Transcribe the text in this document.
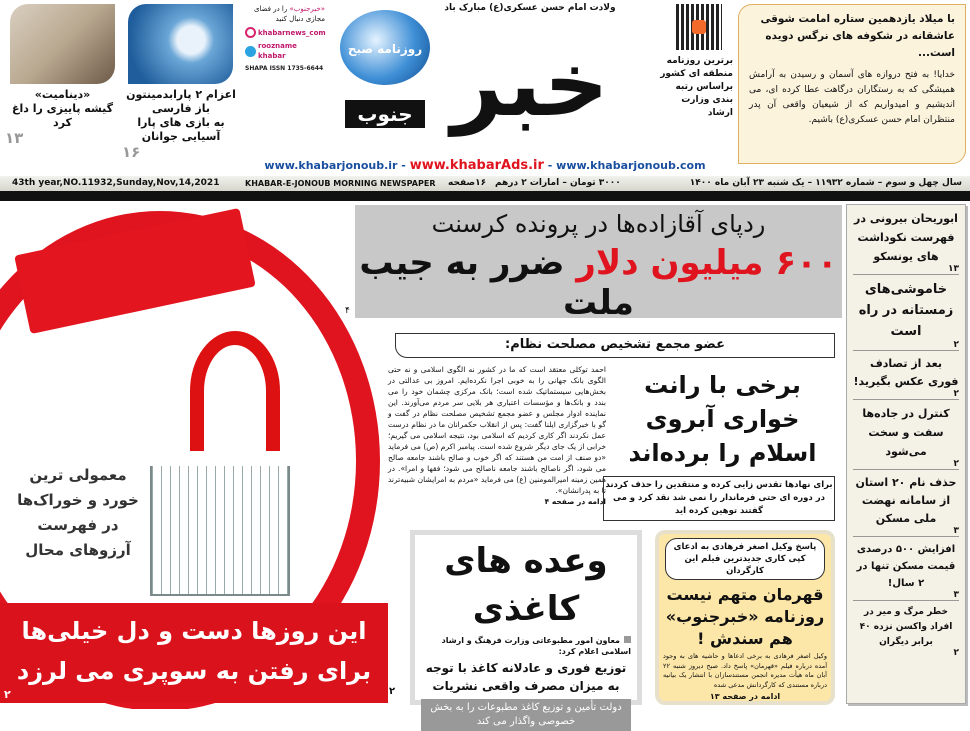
«دینامیت»
گیشه پاییزی را داغ کرد
۱۳
اعزام ۲ پارابدمینتون باز فارسی
به بازی های پارا آسیایی جوانان
۱۶
«خبرجنوب» را در فضای مجازی دنبال کنید
khabarnews_com
roozname khabar
SHAPA ISSN 1735-6644
ولادت امام حسن عسکری(ع) مبارک باد
روزنامه صبح خبر
جنوب
برترین روزنامه منطقه ای کشور براساس رتبه بندی وزارت ارشاد
با میلاد یازدهمین ستاره امامت شوقی عاشقانه در شکوفه های نرگس دویده است...
خدایا! به فتح دروازه های آسمان و رسیدن به آرامش همیشگی که به رستگاران درگاهت عطا کرده ای، می اندیشیم و امیدواریم که از شیعیان واقعی آن پدر منتظران امام حسن عسکری(ع) باشیم.
www.khabarjonoub.ir - www.khabarAds.ir - www.khabarjonoub.com
43th year,NO.11932,Sunday,Nov,14,2021	KHABAR-E-JONOUB MORNING NEWSPAPER ۱۶صفحه ۳۰۰۰ تومان – امارات ۲ درهم	سال چهل و سوم – شماره ۱۱۹۳۲ – یک شنبه ۲۳ آبان ماه ۱۴۰۰
معمولی ترین
خورد و خوراک‌ها
در فهرست
آرزوهای محال
این روزها دست و دل خیلی‌ها
برای رفتن به سوپری می لرزد
۲
ردپای آقازاده‌ها در پرونده کرسنت
۶۰۰ میلیون دلار ضرر به جیب ملت
۴
عضو مجمع تشخیص مصلحت نظام:
احمد توکلی معتقد است که ما در کشور نه الگوی اسلامی و نه حتی الگوی بانک جهانی را به خوبی اجرا نکرده‌ایم. امروز بی عدالتی در بخش‌هایی سیستماتیک شده است؛ بانک مرکزی چشمان خود را می بندد و بانک‌ها و مؤسسات اعتباری هر بلایی سر مردم می‌آورند. این نماینده ادوار مجلس و عضو مجمع تشخیص مصلحت نظام در گفت و گو با خبرگزاری ایلنا گفت: پس از انقلاب حکمرانان ما در نظام درست عمل نکردند اگر کاری کردیم که اسلامی بود، نتیجه اسلامی می گیریم؛ خرابی از یک جای دیگر شروع شده است. پیامبر اکرم (ص) می فرماید «دو صنف از امت من هستند که اگر خوب و صالح باشند جامعه صالح می شود، اگر ناصالح باشند جامعه ناصالح می شود؛ فقها و امرا». در همین زمینه امیرالمومنین (ع) می فرماید «مردم به امرایشان شبیه‌ترند تا به پدرانشان».
ادامه در صفحه ۴
برخی با رانت خواری آبروی اسلام را برده‌اند
برای نهادها تقدس زایی کرده و منتقدین را حذف کردند
در دوره ای حتی فرماندار را نمی شد نقد کرد و می گفتند توهین کرده اید
وعده های کاغذی
معاون امور مطبوعاتی وزارت فرهنگ و ارشاد اسلامی اعلام کرد:
توزیع فوری و عادلانه کاغذ با توجه به میزان مصرف واقعی نشریات
دولت تأمین و توزیع کاغذ مطبوعات را به بخش خصوصی واگذار می کند
۲
پاسخ وکیل اصغر فرهادی به ادعای کپی کاری جدیدترین فیلم این کارگردان
قهرمان متهم نیست روزنامه «خبرجنوب» هم سندش !
وکیل اصغر فرهادی به برخی ادعاها و حاشیه های به وجود آمده درباره فیلم «قهرمان» پاسخ داد. صبح دیروز شنبه ۲۲ آبان ماه هیأت مدیره انجمن مستندسازان با انتشار یک بیانیه درباره مستندی که کارگردانش مدعی شده
ادامه در صفحه ۱۳
ابوریحان بیرونی در فهرست نکوداشت های یونسکو
۱۳
خاموشی‌های زمستانه در راه است
۲
بعد از تصادف فوری عکس بگیرید!
۲
کنترل در جاده‌ها سفت و سخت می‌شود
۲
حذف نام ۲۰ استان از سامانه نهضت ملی مسکن
۳
افزایش ۵۰۰ درصدی قیمت مسکن تنها در ۲ سال!
۳
خطر مرگ و میر در افراد واکسن نزده ۴۰ برابر دیگران
۲
